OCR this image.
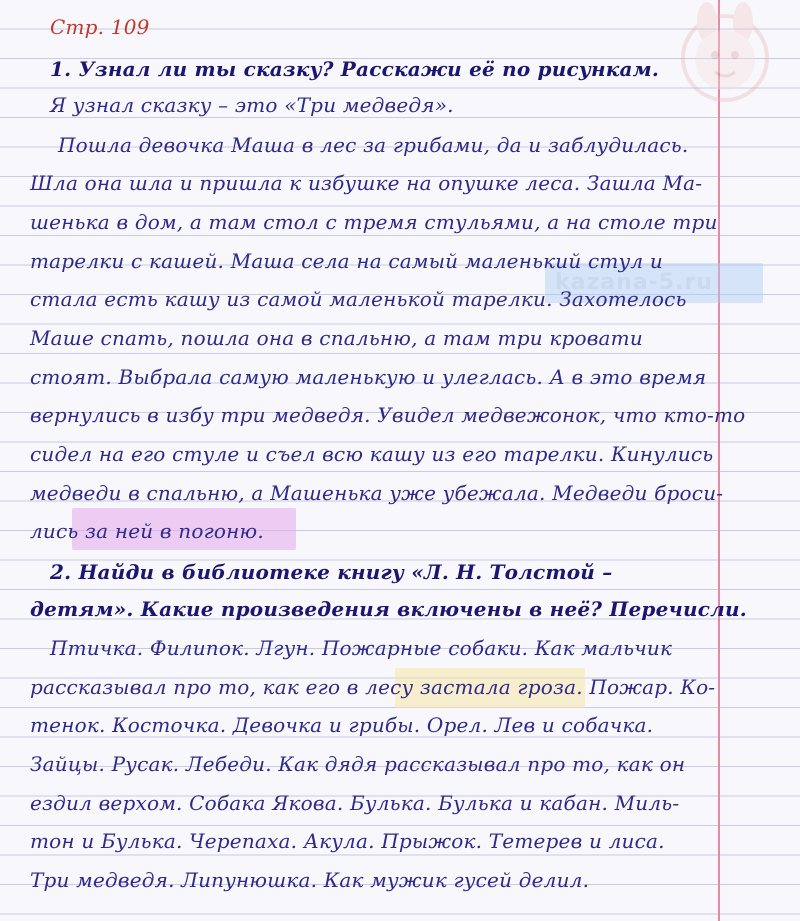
kazana-5.ru
Стр. 109
1. Узнал ли ты сказку? Расскажи её по рисункам.
Я узнал сказку – это «Три медведя».
Пошла девочка Маша в лес за грибами, да и заблудилась.
Шла она шла и пришла к избушке на опушке леса. Зашла Ма-
шенька в дом, а там стол с тремя стульями, а на столе три
тарелки с кашей. Маша села на самый маленький стул и
стала есть кашу из самой маленькой тарелки. Захотелось
Маше спать, пошла она в спальню, а там три кровати
стоят. Выбрала самую маленькую и улеглась. А в это время
вернулись в избу три медведя. Увидел медвежонок, что кто-то
сидел на его стуле и съел всю кашу из его тарелки. Кинулись
медведи в спальню, а Машенька уже убежала. Медведи броси-
лись за ней в погоню.
2. Найди в библиотеке книгу «Л. Н. Толстой –
детям». Какие произведения включены в неё? Перечисли.
Птичка. Филипок. Лгун. Пожарные собаки. Как мальчик
рассказывал про то, как его в лесу застала гроза. Пожар. Ко-
тенок. Косточка. Девочка и грибы. Орел. Лев и собачка.
Зайцы. Русак. Лебеди. Как дядя рассказывал про то, как он
ездил верхом. Собака Якова. Булька. Булька и кабан. Миль-
тон и Булька. Черепаха. Акула. Прыжок. Тетерев и лиса.
Три медведя. Липунюшка. Как мужик гусей делил.
